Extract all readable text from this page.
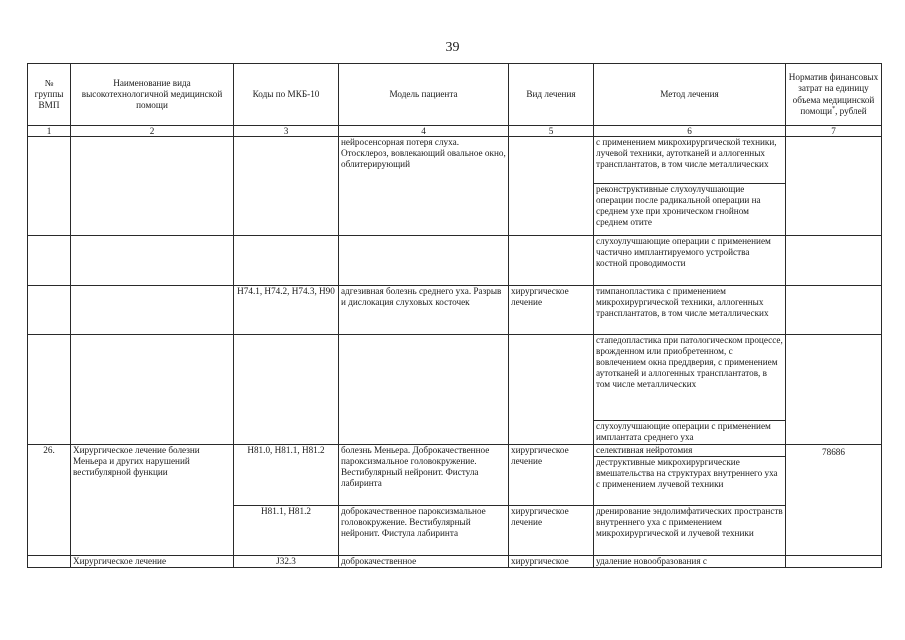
39
№ группы ВМП	Наименование вида высокотехнологичной медицинской помощи	Коды по МКБ-10	Модель пациента	Вид лечения	Метод лечения	Норматив финансовых затрат на единицу объема медицинской помощи*, рублей
1	2	3	4	5	6	7
			нейросенсорная потеря слуха. Отосклероз, вовлекающий овальное окно, облитерирующий		с применением микрохирургической техники, лучевой техники, аутотканей и аллогенных трансплантатов, в том числе металлических	
					реконструктивные слухоулучшающие операции после радикальной операции на среднем ухе при хроническом гнойном среднем отите	
					слухоулучшающие операции с применением частично имплантируемого устройства костной проводимости	
		H74.1, H74.2, H74.3, H90	адгезивная болезнь среднего уха. Разрыв и дислокация слуховых косточек	хирургическое лечение	тимпанопластика с применением микрохирургической техники, аллогенных трансплантатов, в том числе металлических	
					стапедопластика при патологическом процессе, врожденном или приобретенном, с вовлечением окна преддверия, с применением аутотканей и аллогенных трансплантатов, в том числе металлических	
					слухоулучшающие операции с применением имплантата среднего уха	
26.	Хирургическое лечение болезни Меньера и других нарушений вестибулярной функции	H81.0, H81.1, H81.2	болезнь Меньера. Доброкачественное пароксизмальное головокружение. Вестибулярный нейронит. Фистула лабиринта	хирургическое лечение	селективная нейротомия	78686
					деструктивные микрохирургические вмешательства на структурах внутреннего уха с применением лучевой техники	
		H81.1, H81.2	доброкачественное пароксизмальное головокружение. Вестибулярный нейронит. Фистула лабиринта	хирургическое лечение	дренирование эндолимфатических пространств внутреннего уха с применением микрохирургической и лучевой техники	
	Хирургическое лечение	J32.3	доброкачественное	хирургическое	удаление новообразования с	
